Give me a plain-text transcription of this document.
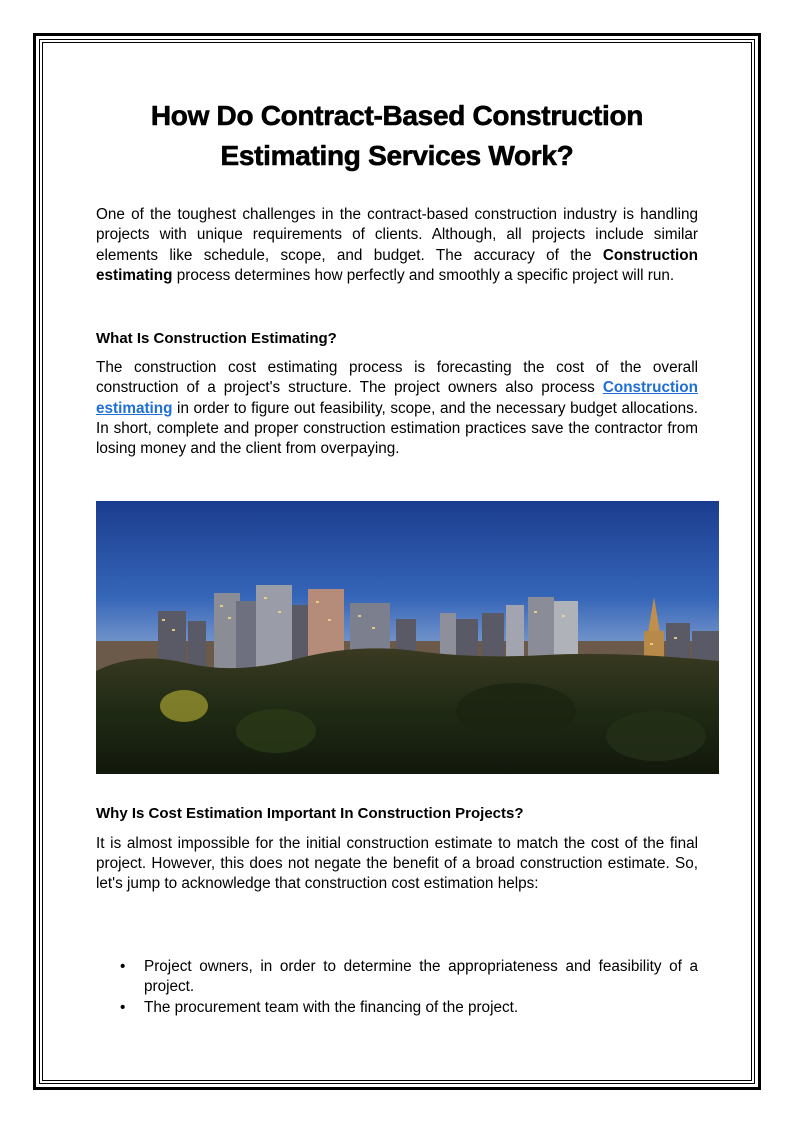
How Do Contract-Based Construction Estimating Services Work?

One of the toughest challenges in the contract-based construction industry is handling projects with unique requirements of clients. Although, all projects include similar elements like schedule, scope, and budget. The accuracy of the Construction estimating process determines how perfectly and smoothly a specific project will run.

What Is Construction Estimating?

The construction cost estimating process is forecasting the cost of the overall construction of a project's structure. The project owners also process Construction estimating in order to figure out feasibility, scope, and the necessary budget allocations. In short, complete and proper construction estimation practices save the contractor from losing money and the client from overpaying.

Why Is Cost Estimation Important In Construction Projects?

It is almost impossible for the initial construction estimate to match the cost of the final project. However, this does not negate the benefit of a broad construction estimate. So, let's jump to acknowledge that construction cost estimation helps:

• Project owners, in order to determine the appropriateness and feasibility of a project.
• The procurement team with the financing of the project.
